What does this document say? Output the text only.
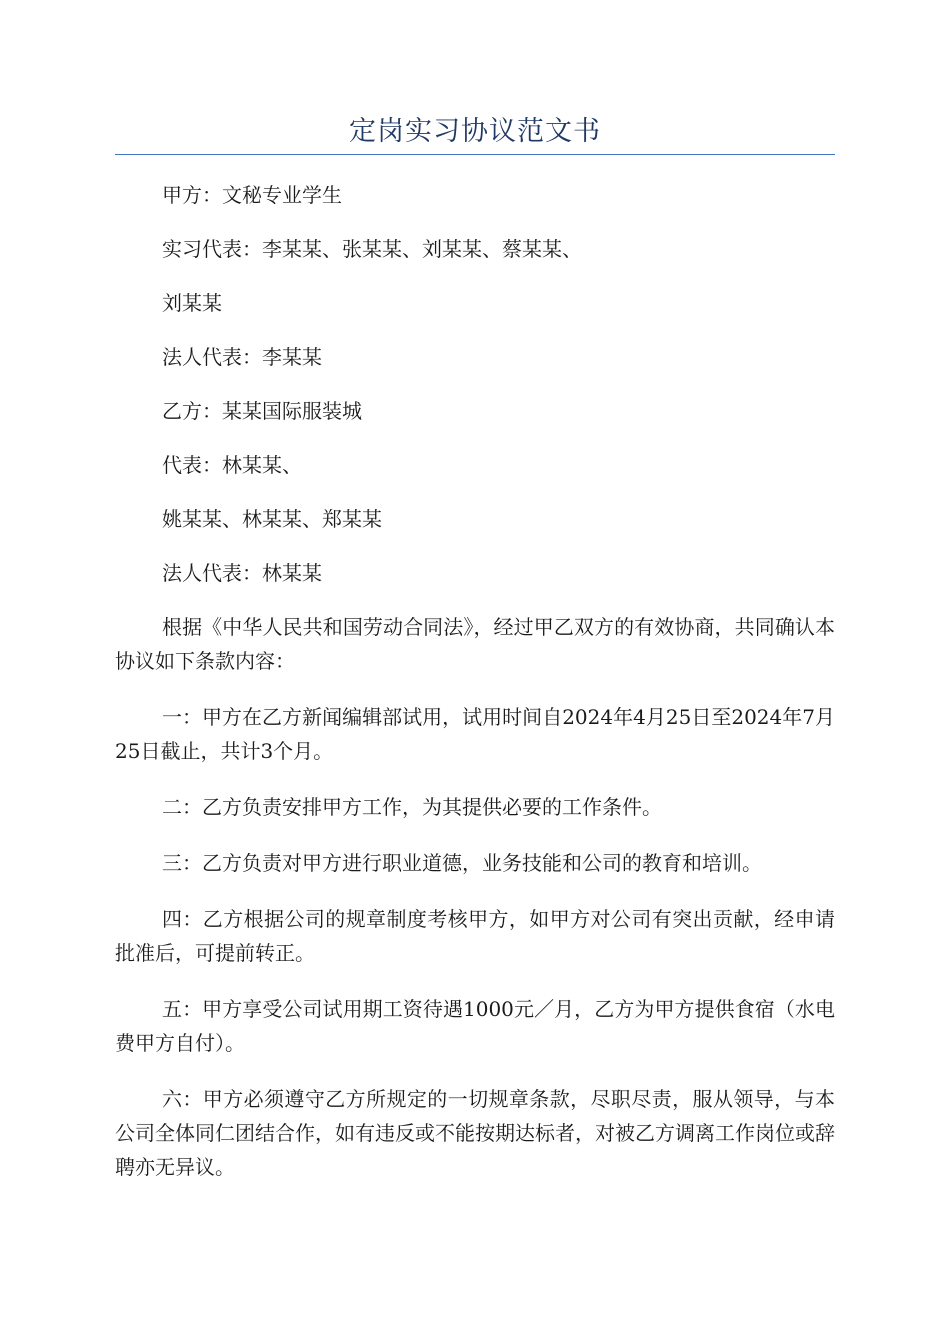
定岗实习协议范文书

甲方：文秘专业学生

实习代表：李某某、张某某、刘某某、蔡某某、

刘某某

法人代表：李某某

乙方：某某国际服装城

代表：林某某、

姚某某、林某某、郑某某

法人代表：林某某

根据《中华人民共和国劳动合同法》，经过甲乙双方的有效协商，共同确认本协议如下条款内容：

一：甲方在乙方新闻编辑部试用，试用时间自2024年4月25日至2024年7月25日截止，共计3个月。

二：乙方负责安排甲方工作，为其提供必要的工作条件。

三：乙方负责对甲方进行职业道德，业务技能和公司的教育和培训。

四：乙方根据公司的规章制度考核甲方，如甲方对公司有突出贡献，经申请批准后，可提前转正。

五：甲方享受公司试用期工资待遇1000元／月，乙方为甲方提供食宿（水电费甲方自付）。

六：甲方必须遵守乙方所规定的一切规章条款，尽职尽责，服从领导，与本公司全体同仁团结合作，如有违反或不能按期达标者，对被乙方调离工作岗位或辞聘亦无异议。
